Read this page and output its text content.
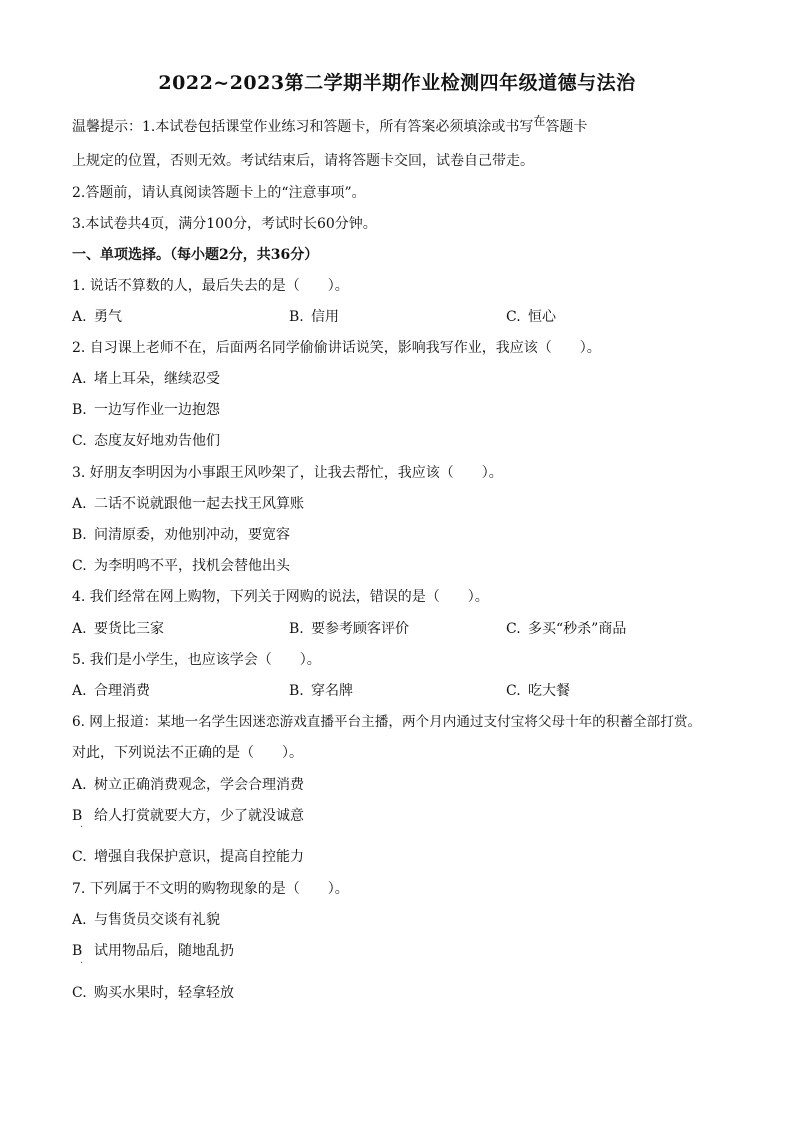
2022~2023第二学期半期作业检测四年级道德与法治
温馨提示：1.本试卷包括课堂作业练习和答题卡，所有答案必须填涂或书写在答题卡
上规定的位置，否则无效。考试结束后，请将答题卡交回，试卷自己带走。
2.答题前，请认真阅读答题卡上的“注意事项”。
3.本试卷共4页，满分100分，考试时长60分钟。
一、单项选择。（每小题2分，共36分）
1. 说话不算数的人，最后失去的是（　　）。
A. 勇气	B. 信用	C. 恒心
2. 自习课上老师不在，后面两名同学偷偷讲话说笑，影响我写作业，我应该（　　）。
A. 堵上耳朵，继续忍受
B. 一边写作业一边抱怨
C. 态度友好地劝告他们
3. 好朋友李明因为小事跟王风吵架了，让我去帮忙，我应该（　　）。
A. 二话不说就跟他一起去找王风算账
B. 问清原委，劝他别冲动，要宽容
C. 为李明鸣不平，找机会替他出头
4. 我们经常在网上购物，下列关于网购的说法，错误的是（　　）。
A. 要货比三家	B. 要参考顾客评价	C. 多买“秒杀”商品
5. 我们是小学生，也应该学会（　　）。
A. 合理消费	B. 穿名牌	C. 吃大餐
6. 网上报道：某地一名学生因迷恋游戏直播平台主播，两个月内通过支付宝将父母十年的积蓄全部打赏。
对此，下列说法不正确的是（　　）。
A. 树立正确消费观念，学会合理消费
B 给人打赏就要大方，少了就没诚意
·
C. 增强自我保护意识，提高自控能力
7. 下列属于不文明的购物现象的是（　　）。
A. 与售货员交谈有礼貌
B 试用物品后，随地乱扔
·
C. 购买水果时，轻拿轻放
